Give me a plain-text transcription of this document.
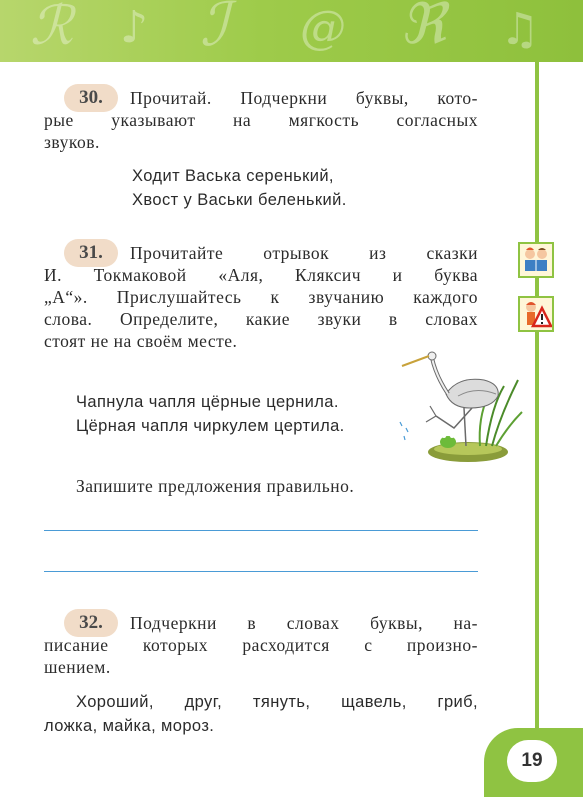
ℛ ♪ ℐ @ ℜ ♫
19
30.	Прочитай. Подчеркни буквы, кото-
рые указывают на мягкость согласных
звуков.
Ходит Васька серенький,
Хвост у Васьки беленький.
31.	Прочитайте отрывок из сказки
И. Токмаковой «Аля, Кляксич и буква
„А“». Прислушайтесь к звучанию каждого
слова. Определите, какие звуки в словах
стоят не на своём месте.
Чапнула чапля цёрные цернила.
Цёрная чапля чиркулем цертила.
Запишите предложения правильно.
32.	Подчеркни в словах буквы, на-
писание которых расходится с произно-
шением.
Хороший, друг, тянуть, щавель, гриб,
ложка, майка, мороз.
